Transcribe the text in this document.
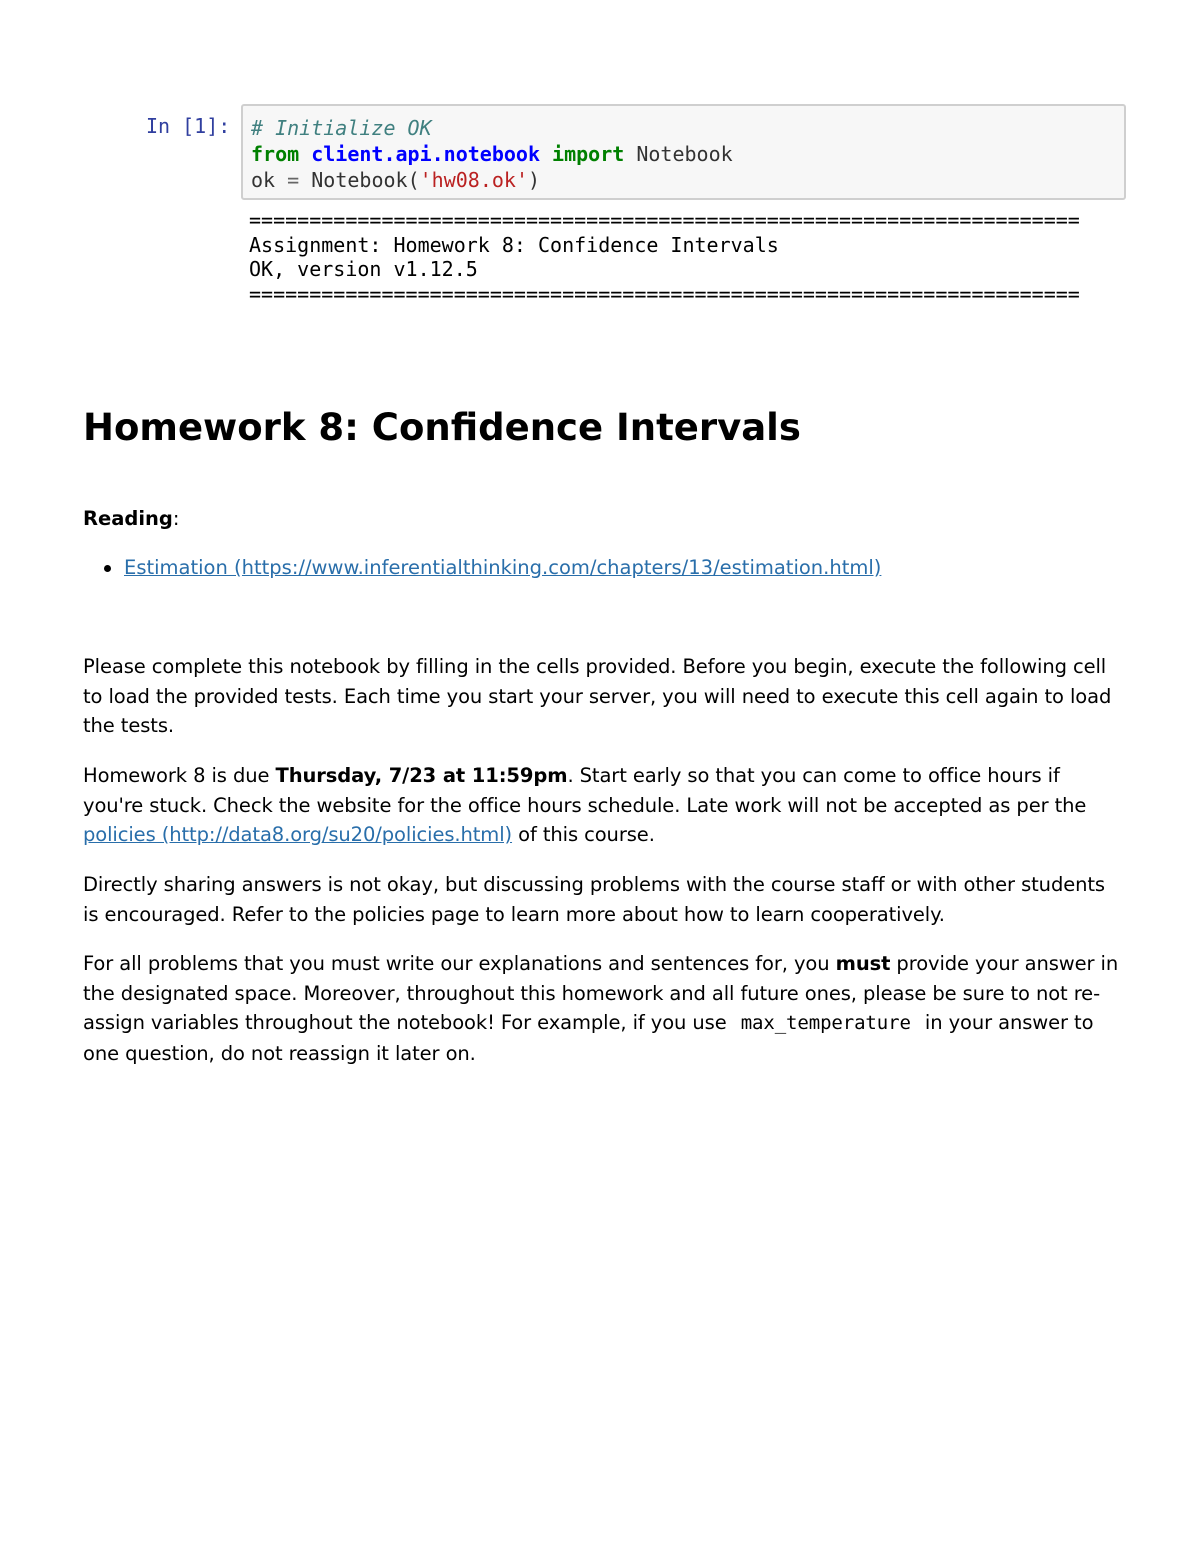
In [1]:	# Initialize OK
from client.api.notebook import Notebook
ok = Notebook('hw08.ok')
=====================================================================
Assignment: Homework 8: Confidence Intervals
OK, version v1.12.5
=====================================================================
Homework 8: Confidence Intervals
Reading:
Estimation (https://www.inferentialthinking.com/chapters/13/estimation.html)

Please complete this notebook by filling in the cells provided. Before you begin, execute the following cell to load the provided tests. Each time you start your server, you will need to execute this cell again to load the tests.

Homework 8 is due Thursday, 7/23 at 11:59pm. Start early so that you can come to office hours if you're stuck. Check the website for the office hours schedule. Late work will not be accepted as per the policies (http://data8.org/su20/policies.html) of this course.

Directly sharing answers is not okay, but discussing problems with the course staff or with other students is encouraged. Refer to the policies page to learn more about how to learn cooperatively.

For all problems that you must write our explanations and sentences for, you must provide your answer in the designated space. Moreover, throughout this homework and all future ones, please be sure to not re-assign variables throughout the notebook! For example, if you use max_temperature in your answer to one question, do not reassign it later on.
